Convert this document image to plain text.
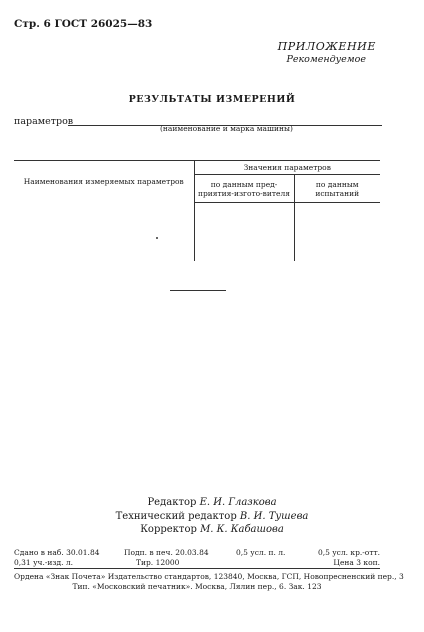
Стр. 6 ГОСТ 26025—83
ПРИЛОЖЕНИЕ
Рекомендуемое
РЕЗУЛЬТАТЫ ИЗМЕРЕНИЙ
параметров
(наименование и марка машины)
Наименования измеряемых параметров	Значения параметров	
	по данным пред-приятия-изгото-вителя	по данным испытаний

Редактор Е. И. Глазкова
Технический редактор В. И. Тушева
Корректор М. К. Кабашова
Сдано в наб. 30.01.84	Подп. в печ. 20.03.84	0,5 усл. п. л.	0,5 усл. кр.-отт.
0,31 уч.-изд. л.	Тир. 12000	Цена 3 коп.
Ордена «Знак Почета» Издательство стандартов, 123840, Москва, ГСП, Новопресненский пер., 3
Тип. «Московский печатник». Москва, Лялин пер., 6. Зак. 123
